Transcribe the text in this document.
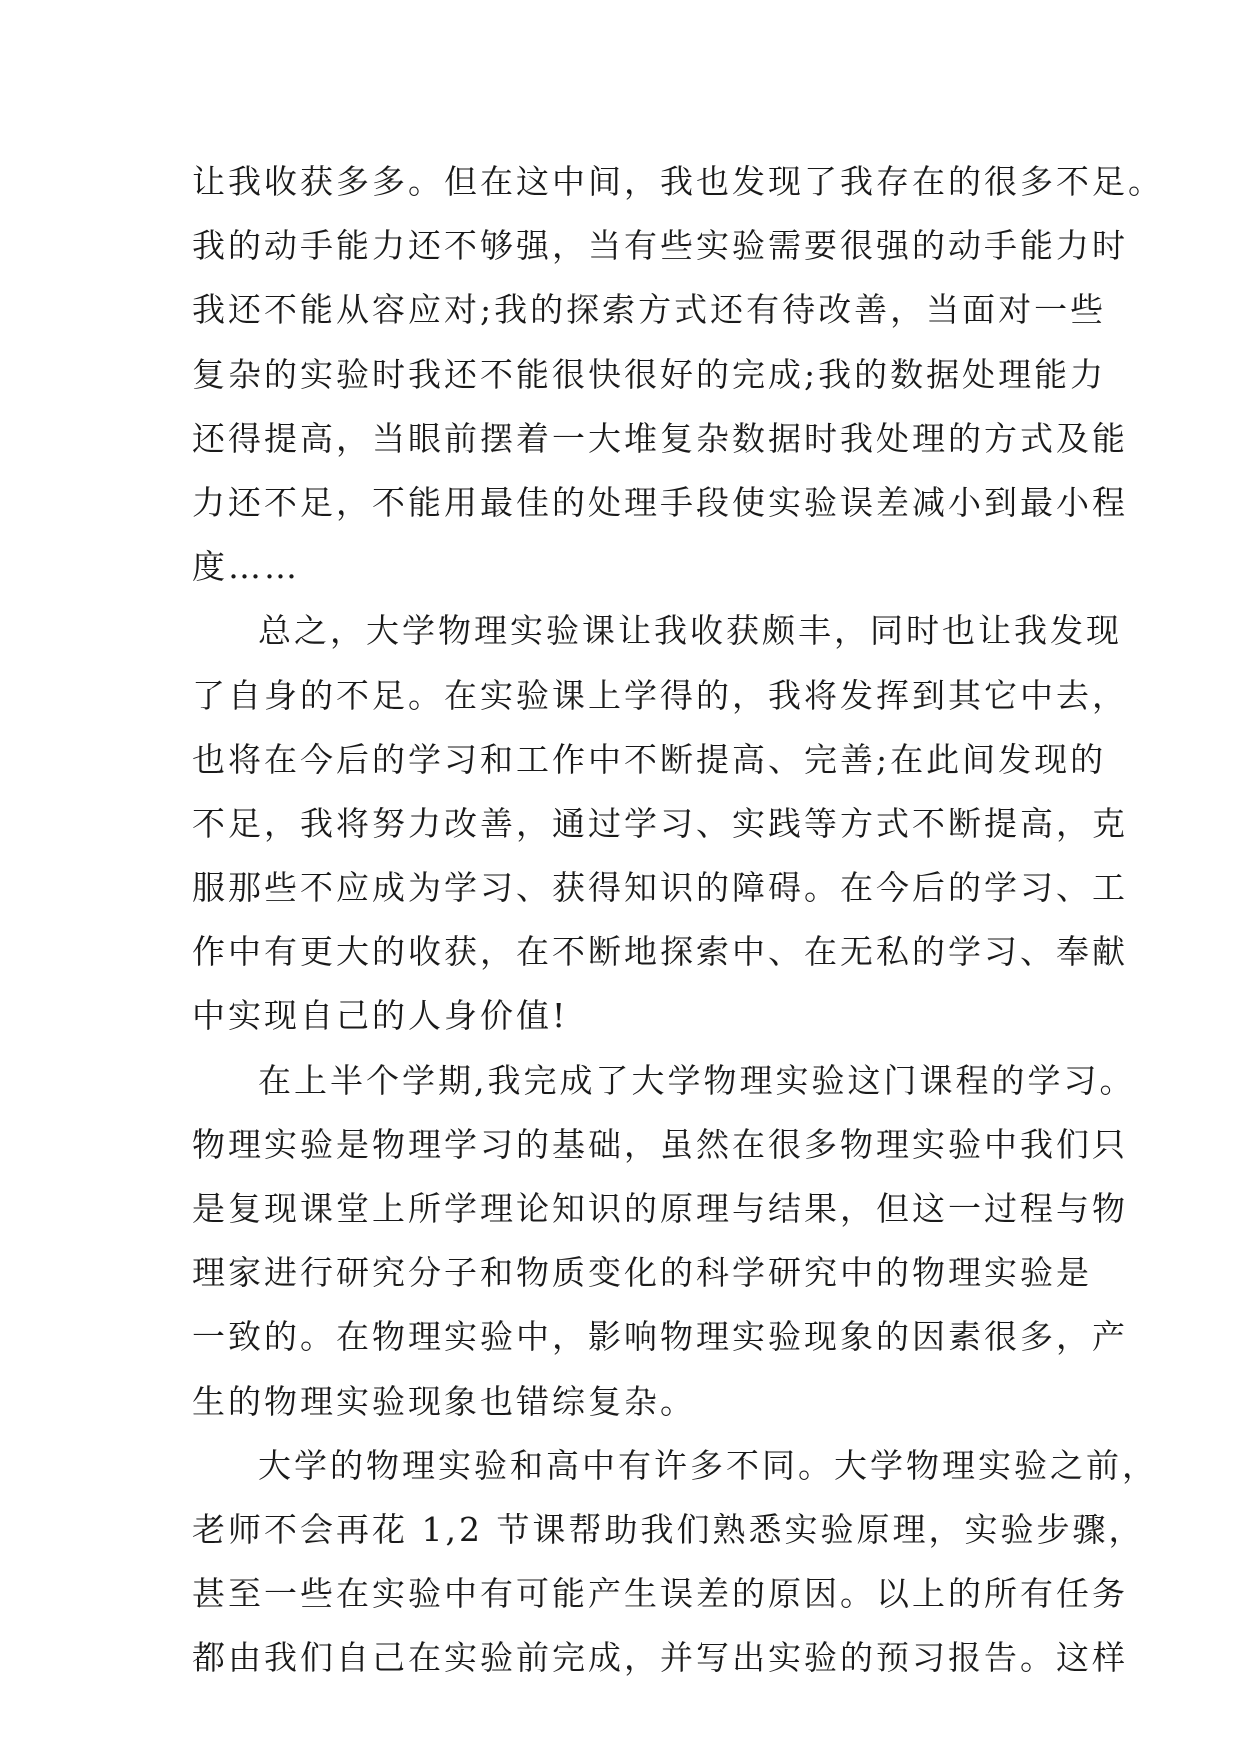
让我收获多多。但在这中间，我也发现了我存在的很多不足。
我的动手能力还不够强，当有些实验需要很强的动手能力时
我还不能从容应对;我的探索方式还有待改善，当面对一些
复杂的实验时我还不能很快很好的完成;我的数据处理能力
还得提高，当眼前摆着一大堆复杂数据时我处理的方式及能
力还不足，不能用最佳的处理手段使实验误差减小到最小程
度……
总之，大学物理实验课让我收获颇丰，同时也让我发现
了自身的不足。在实验课上学得的，我将发挥到其它中去，
也将在今后的学习和工作中不断提高、完善;在此间发现的
不足，我将努力改善，通过学习、实践等方式不断提高，克
服那些不应成为学习、获得知识的障碍。在今后的学习、工
作中有更大的收获，在不断地探索中、在无私的学习、奉献
中实现自己的人身价值!
在上半个学期,我完成了大学物理实验这门课程的学习。
物理实验是物理学习的基础，虽然在很多物理实验中我们只
是复现课堂上所学理论知识的原理与结果，但这一过程与物
理家进行研究分子和物质变化的科学研究中的物理实验是
一致的。在物理实验中，影响物理实验现象的因素很多，产
生的物理实验现象也错综复杂。
大学的物理实验和高中有许多不同。大学物理实验之前，
老师不会再花 1,2 节课帮助我们熟悉实验原理，实验步骤，
甚至一些在实验中有可能产生误差的原因。以上的所有任务
都由我们自己在实验前完成，并写出实验的预习报告。这样
